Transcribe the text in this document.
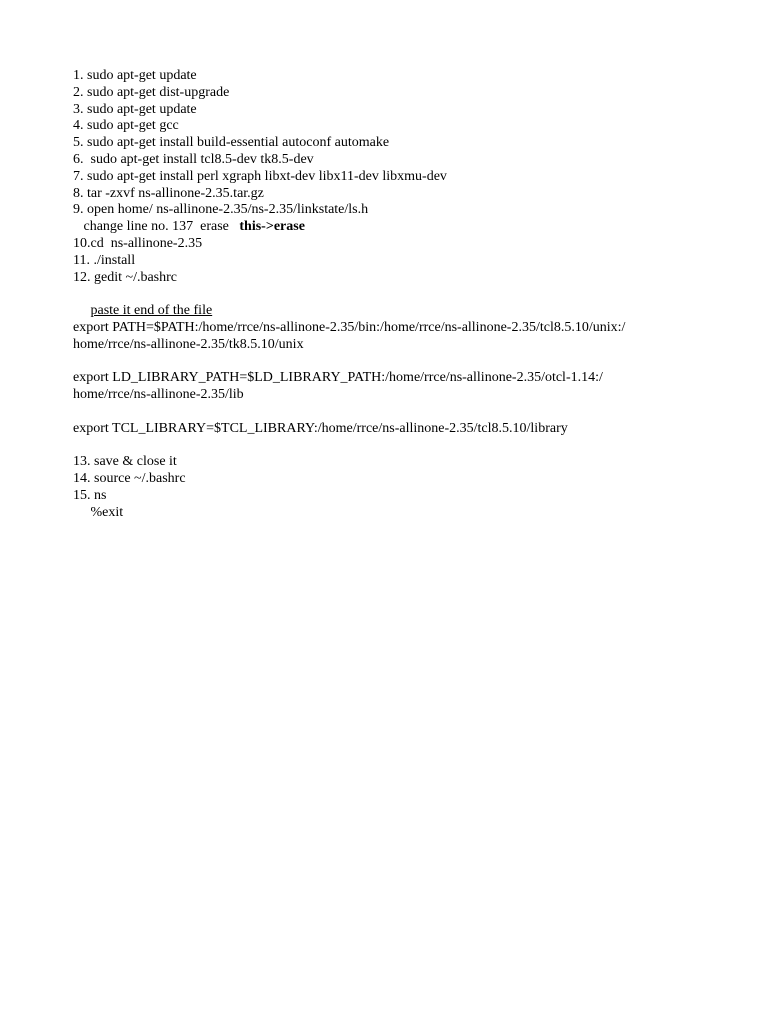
1. sudo apt-get update
2. sudo apt-get dist-upgrade
3. sudo apt-get update
4. sudo apt-get gcc
5. sudo apt-get install build-essential autoconf automake
6.  sudo apt-get install tcl8.5-dev tk8.5-dev
7. sudo apt-get install perl xgraph libxt-dev libx11-dev libxmu-dev
8. tar -zxvf ns-allinone-2.35.tar.gz
9. open home/ ns-allinone-2.35/ns-2.35/linkstate/ls.h
change line no. 137  erase   this->erase
10.cd  ns-allinone-2.35
11. ./install
12. gedit ~/.bashrc
paste it end of the file
export PATH=$PATH:/home/rrce/ns-allinone-2.35/bin:/home/rrce/ns-allinone-2.35/tcl8.5.10/unix:/
home/rrce/ns-allinone-2.35/tk8.5.10/unix
export LD_LIBRARY_PATH=$LD_LIBRARY_PATH:/home/rrce/ns-allinone-2.35/otcl-1.14:/
home/rrce/ns-allinone-2.35/lib
export TCL_LIBRARY=$TCL_LIBRARY:/home/rrce/ns-allinone-2.35/tcl8.5.10/library
13. save & close it
14. source ~/.bashrc
15. ns
%exit
